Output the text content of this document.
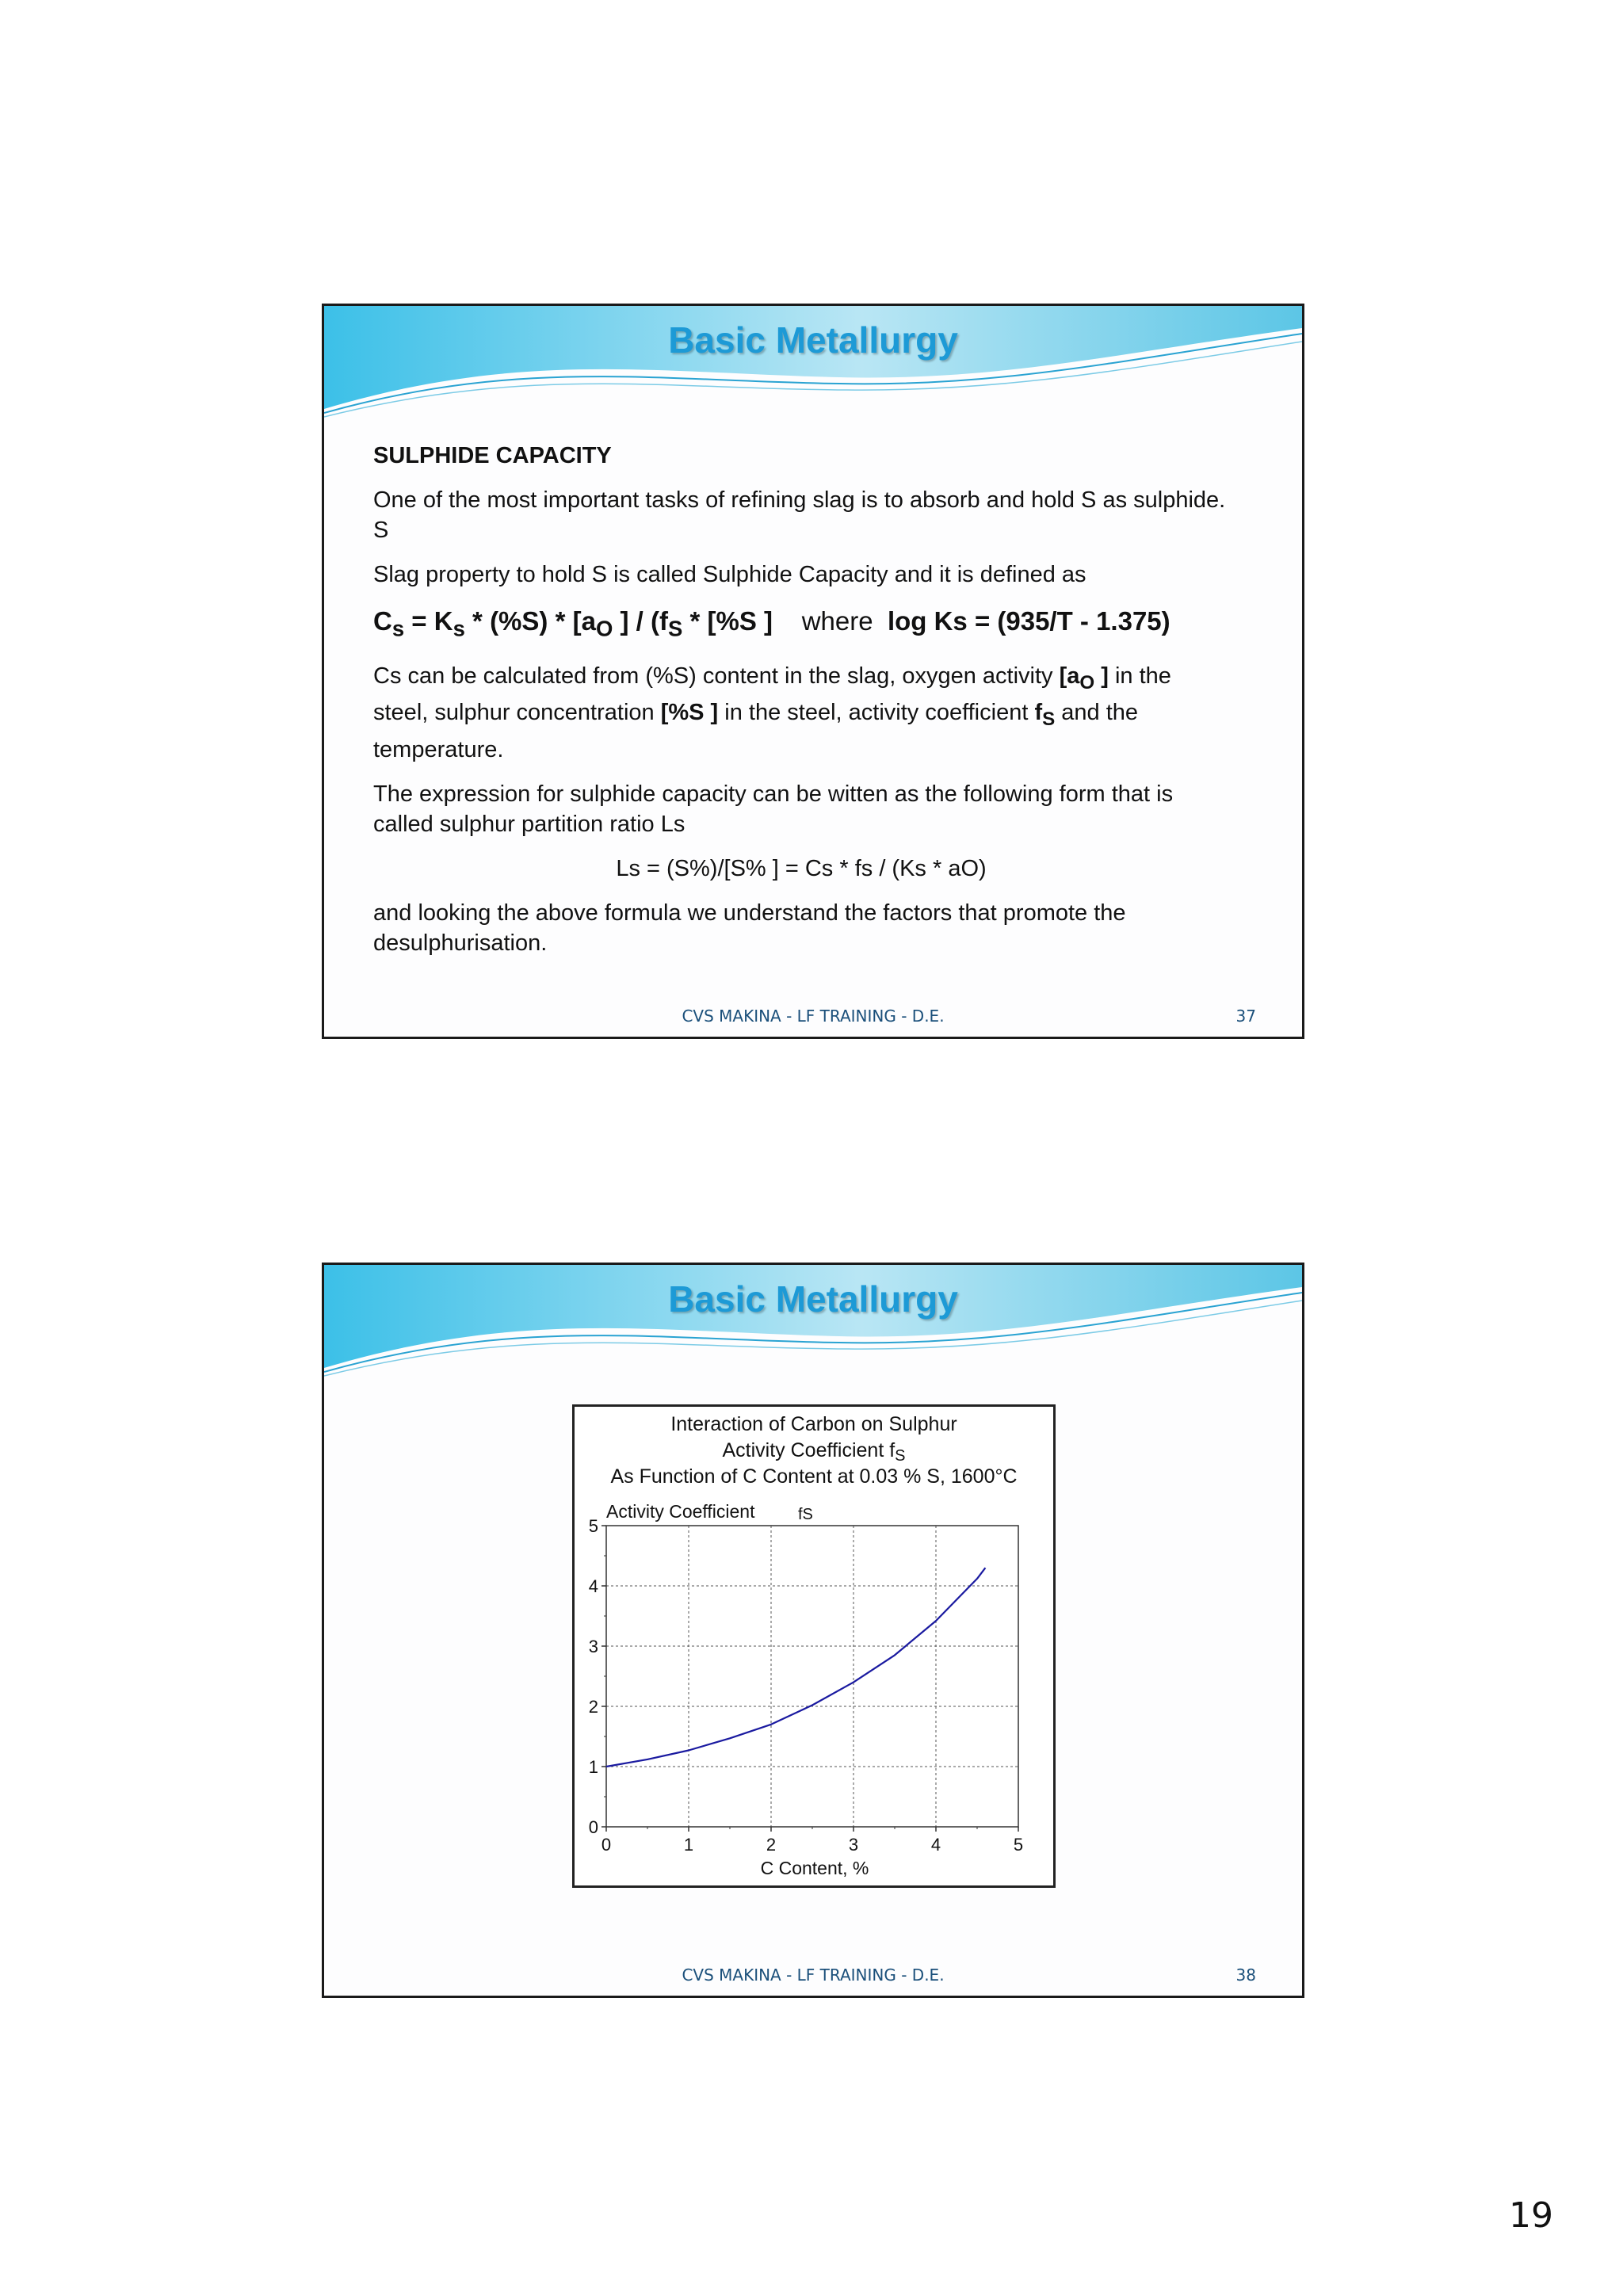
Basic Metallurgy

SULPHIDE CAPACITY

One of the most important tasks of refining slag is to absorb and hold S as sulphide. S

Slag property to hold S is called Sulphide Capacity and it is defined as

$C_s = K_s * (\%S) * [a_O$ ] / ($f_S * [\%S$ ] where log Ks = (935/T - 1.375)

Cs can be calculated from (%S) content in the slag, oxygen activity [$a_O$ ] in the steel, sulphur concentration [%S ] in the steel, activity coefficient $f_S$ and the temperature.

The expression for sulphide capacity can be witten as the following form that is called sulphur partition ratio Ls

Ls = (S%)/[S% ] = Cs * fs / (Ks * aO)

and looking the above formula we understand the factors that promote the desulphurisation.

CVS MAKINA - LF TRAINING - D.E.	37
Basic Metallurgy
Interaction of Carbon on Sulphur
Activity Coefficient $f_S$
As Function of C Content at 0.03 % S, 1600°C
Activity Coefficient	fS
0	1	2	3	4	5
0
1
2
3
4
5
C Content, %
CVS MAKINA - LF TRAINING - D.E.	38
19
